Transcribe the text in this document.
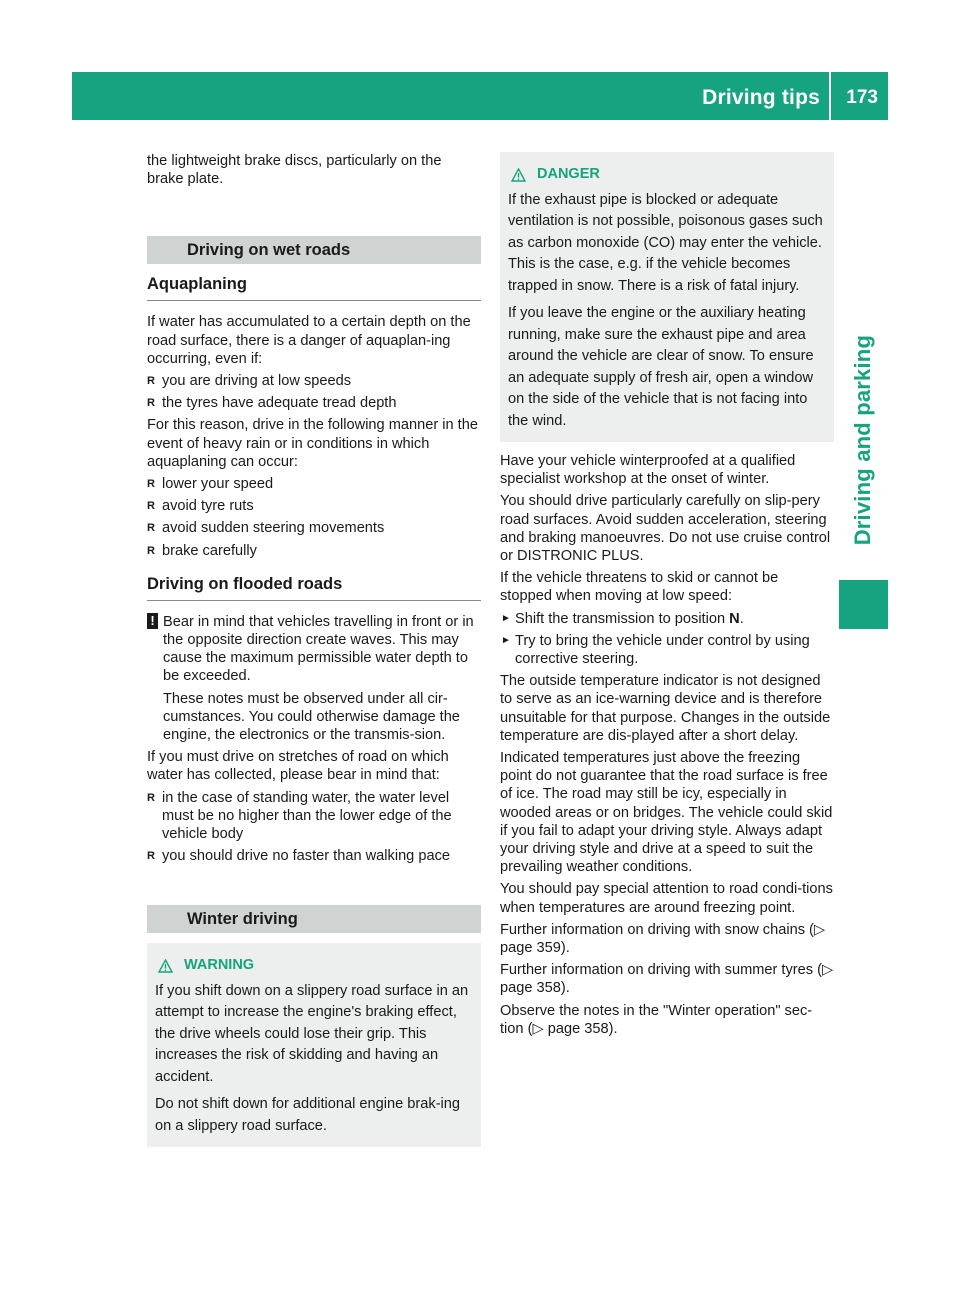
Driving tips	173
Driving and parking

the lightweight brake discs, particularly on the brake plate.

Driving on wet roads
Aquaplaning

If water has accumulated to a certain depth on the road surface, there is a danger of aquaplan-ing occurring, even if:

R you are driving at low speeds
R the tyres have adequate tread depth

For this reason, drive in the following manner in the event of heavy rain or in conditions in which aquaplaning can occur:

R lower your speed
R avoid tyre ruts
R avoid sudden steering movements
R brake carefully
Driving on flooded roads
! Bear in mind that vehicles travelling in front or in the opposite direction create waves. This may cause the maximum permissible water depth to be exceeded.

These notes must be observed under all cir-cumstances. You could otherwise damage the engine, the electronics or the transmis-sion.

If you must drive on stretches of road on which water has collected, please bear in mind that:

R in the case of standing water, the water level must be no higher than the lower edge of the vehicle body
R you should drive no faster than walking pace
Winter driving
WARNING

If you shift down on a slippery road surface in an attempt to increase the engine's braking effect, the drive wheels could lose their grip. This increases the risk of skidding and having an accident.

Do not shift down for additional engine brak-ing on a slippery road surface.

DANGER

If the exhaust pipe is blocked or adequate ventilation is not possible, poisonous gases such as carbon monoxide (CO) may enter the vehicle. This is the case, e.g. if the vehicle becomes trapped in snow. There is a risk of fatal injury.

If you leave the engine or the auxiliary heating running, make sure the exhaust pipe and area around the vehicle are clear of snow. To ensure an adequate supply of fresh air, open a window on the side of the vehicle that is not facing into the wind.

Have your vehicle winterproofed at a qualified specialist workshop at the onset of winter.

You should drive particularly carefully on slip-pery road surfaces. Avoid sudden acceleration, steering and braking manoeuvres. Do not use cruise control or DISTRONIC PLUS.

If the vehicle threatens to skid or cannot be stopped when moving at low speed:

► Shift the transmission to position N.
► Try to bring the vehicle under control by using corrective steering.

The outside temperature indicator is not designed to serve as an ice-warning device and is therefore unsuitable for that purpose. Changes in the outside temperature are dis-played after a short delay.

Indicated temperatures just above the freezing point do not guarantee that the road surface is free of ice. The road may still be icy, especially in wooded areas or on bridges. The vehicle could skid if you fail to adapt your driving style. Always adapt your driving style and drive at a speed to suit the prevailing weather conditions.

You should pay special attention to road condi-tions when temperatures are around freezing point.

Further information on driving with snow chains (▷ page 359).

Further information on driving with summer tyres (▷ page 358).

Observe the notes in the "Winter operation" sec-tion (▷ page 358).
